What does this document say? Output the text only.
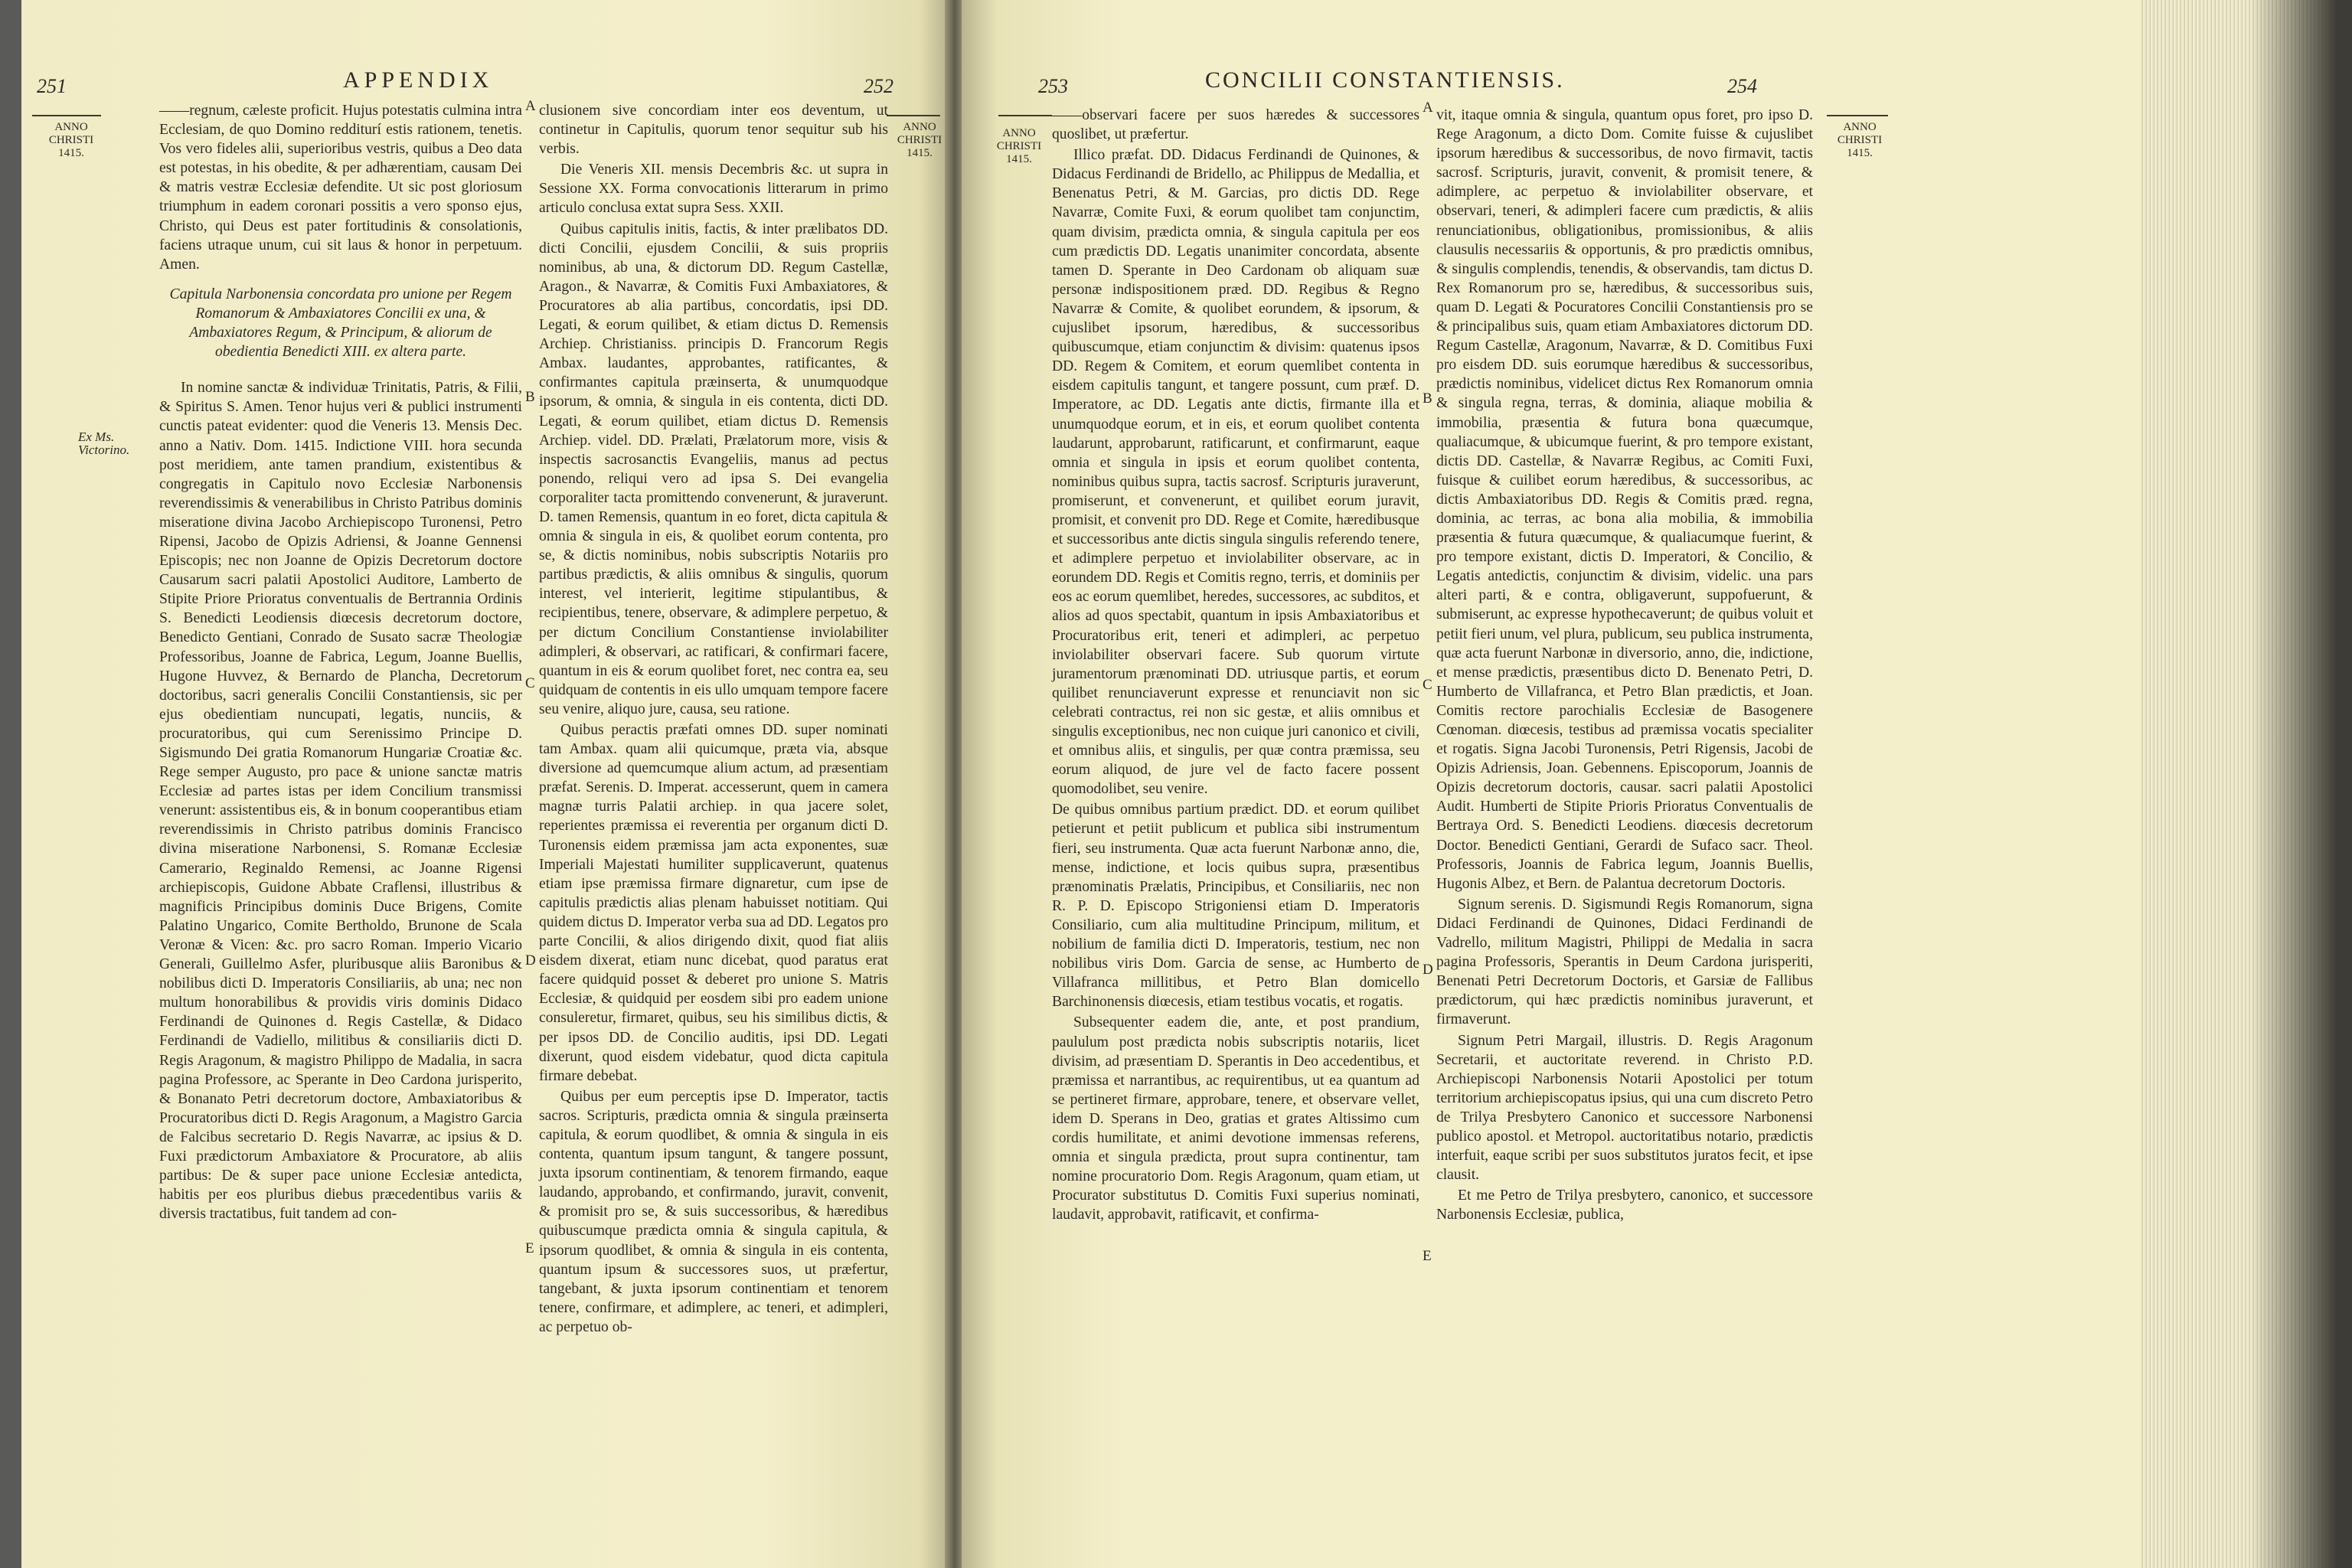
251	APPENDIX	252
ANNO CHRISTI 1415.
ANNO CHRISTI 1415.
Ex Ms. Victorino.

——regnum, cæleste proficit. Hujus potestatis culmina intra Ecclesiam, de quo Domino redditurí estis rationem, tenetis. Vos vero fideles alii, superioribus vestris, quibus a Deo data est potestas, in his obedite, & per adhærentiam, causam Dei & matris vestræ Ecclesiæ defendite. Ut sic post gloriosum triumphum in eadem coronari possitis a vero sponso ejus, Christo, qui Deus est pater fortitudinis & consolationis, faciens utraque unum, cui sit laus & honor in perpetuum. Amen.

Capitula Narbonensia concordata pro unione per Regem Romanorum & Ambaxiatores Concilii ex una, & Ambaxiatores Regum, & Principum, & aliorum de obedientia Benedicti XIII. ex altera parte.

In nomine sanctæ & individuæ Trinitatis, Patris, & Filii, & Spiritus S. Amen. Tenor hujus veri & publici instrumenti cunctis pateat evidenter: quod die Veneris 13. Mensis Dec. anno a Nativ. Dom. 1415. Indictione VIII. hora secunda post meridiem, ante tamen prandium, existentibus & congregatis in Capitulo novo Ecclesiæ Narbonensis reverendissimis & venerabilibus in Christo Patribus dominis miseratione divina Jacobo Archiepiscopo Turonensi, Petro Ripensi, Jacobo de Opizis Adriensi, & Joanne Gennensi Episcopis; nec non Joanne de Opizis Decretorum doctore Causarum sacri palatii Apostolici Auditore, Lamberto de Stipite Priore Prioratus conventualis de Bertrannia Ordinis S. Benedicti Leodiensis diœcesis decretorum doctore, Benedicto Gentiani, Conrado de Susato sacræ Theologiæ Professoribus, Joanne de Fabrica, Legum, Joanne Buellis, Hugone Huvvez, & Bernardo de Plancha, Decretorum doctoribus, sacri generalis Concilii Constantiensis, sic per ejus obedientiam nuncupati, legatis, nunciis, & procuratoribus, qui cum Serenissimo Principe D. Sigismundo Dei gratia Romanorum Hungariæ Croatiæ &c. Rege semper Augusto, pro pace & unione sanctæ matris Ecclesiæ ad partes istas per idem Concilium transmissi venerunt: assistentibus eis, & in bonum cooperantibus etiam reverendissimis in Christo patribus dominis Francisco divina miseratione Narbonensi, S. Romanæ Ecclesiæ Camerario, Reginaldo Remensi, ac Joanne Rigensi archiepiscopis, Guidone Abbate Craflensi, illustribus & magnificis Principibus dominis Duce Brigens, Comite Palatino Ungarico, Comite Bertholdo, Brunone de Scala Veronæ & Vicen: &c. pro sacro Roman. Imperio Vicario Generali, Guillelmo Asfer, pluribusque aliis Baronibus & nobilibus dicti D. Imperatoris Consiliariis, ab una; nec non multum honorabilibus & providis viris dominis Didaco Ferdinandi de Quinones d. Regis Castellæ, & Didaco Ferdinandi de Vadiello, militibus & consiliariis dicti D. Regis Aragonum, & magistro Philippo de Madalia, in sacra pagina Professore, ac Sperante in Deo Cardona jurisperito, & Bonanato Petri decretorum doctore, Ambaxiatoribus & Procuratoribus dicti D. Regis Aragonum, a Magistro Garcia de Falcibus secretario D. Regis Navarræ, ac ipsius & D. Fuxi prædictorum Ambaxiatore & Procuratore, ab aliis partibus: De & super pace unione Ecclesiæ antedicta, habitis per eos pluribus diebus præcedentibus variis & diversis tractatibus, fuit tandem ad con-

A
B
C
D
E

clusionem sive concordiam inter eos deventum, ut continetur in Capitulis, quorum tenor sequitur sub his verbis.

Die Veneris XII. mensis Decembris &c. ut supra in Sessione XX. Forma convocationis litterarum in primo articulo conclusa extat supra Sess. XXII.

Quibus capitulis initis, factis, & inter prælibatos DD. dicti Concilii, ejusdem Concilii, & suis propriis nominibus, ab una, & dictorum DD. Regum Castellæ, Aragon., & Navarræ, & Comitis Fuxi Ambaxiatores, & Procuratores ab alia partibus, concordatis, ipsi DD. Legati, & eorum quilibet, & etiam dictus D. Remensis Archiep. Christianiss. principis D. Francorum Regis Ambax. laudantes, approbantes, ratificantes, & confirmantes capitula præinserta, & unumquodque ipsorum, & omnia, & singula in eis contenta, dicti DD. Legati, & eorum quilibet, etiam dictus D. Remensis Archiep. videl. DD. Prælati, Prælatorum more, visis & inspectis sacrosanctis Evangeliis, manus ad pectus ponendo, reliqui vero ad ipsa S. Dei evangelia corporaliter tacta promittendo convenerunt, & juraverunt. D. tamen Remensis, quantum in eo foret, dicta capitula & omnia & singula in eis, & quolibet eorum contenta, pro se, & dictis nominibus, nobis subscriptis Notariis pro partibus prædictis, & aliis omnibus & singulis, quorum interest, vel interierit, legitime stipulantibus, & recipientibus, tenere, observare, & adimplere perpetuo, & per dictum Concilium Constantiense inviolabiliter adimpleri, & observari, ac ratificari, & confirmari facere, quantum in eis & eorum quolibet foret, nec contra ea, seu quidquam de contentis in eis ullo umquam tempore facere seu venire, aliquo jure, causa, seu ratione.

Quibus peractis præfati omnes DD. super nominati tam Ambax. quam alii quicumque, præta via, absque diversione ad quemcumque alium actum, ad præsentiam præfat. Serenis. D. Imperat. accesserunt, quem in camera magnæ turris Palatii archiep. in qua jacere solet, reperientes præmissa ei reverentia per organum dicti D. Turonensis eidem præmissa jam acta exponentes, suæ Imperiali Majestati humiliter supplicaverunt, quatenus etiam ipse præmissa firmare dignaretur, cum ipse de capitulis prædictis alias plenam habuisset notitiam. Qui quidem dictus D. Imperator verba sua ad DD. Legatos pro parte Concilii, & alios dirigendo dixit, quod fiat aliis eisdem dixerat, etiam nunc dicebat, quod paratus erat facere quidquid posset & deberet pro unione S. Matris Ecclesiæ, & quidquid per eosdem sibi pro eadem unione consuleretur, firmaret, quibus, seu his similibus dictis, & per ipsos DD. de Concilio auditis, ipsi DD. Legati dixerunt, quod eisdem videbatur, quod dicta capitula firmare debebat.

Quibus per eum perceptis ipse D. Imperator, tactis sacros. Scripturis, prædicta omnia & singula præinserta capitula, & eorum quodlibet, & omnia & singula in eis contenta, quantum ipsum tangunt, & tangere possunt, juxta ipsorum continentiam, & tenorem firmando, eaque laudando, approbando, et confirmando, juravit, convenit, & promisit pro se, & suis successoribus, & hæredibus quibuscumque prædicta omnia & singula capitula, & ipsorum quodlibet, & omnia & singula in eis contenta, quantum ipsum & successores suos, ut præfertur, tangebant, & juxta ipsorum continentiam et tenorem tenere, confirmare, et adimplere, ac teneri, et adimpleri, ac perpetuo ob-

253	CONCILII CONSTANTIENSIS.	254
ANNO CHRISTI 1415.
ANNO CHRISTI 1415.

——observari facere per suos hæredes & successores quoslibet, ut præfertur.

Illico præfat. DD. Didacus Ferdinandi de Quinones, & Didacus Ferdinandi de Bridello, ac Philippus de Medallia, et Benenatus Petri, & M. Garcias, pro dictis DD. Rege Navarræ, Comite Fuxi, & eorum quolibet tam conjunctim, quam divisim, prædicta omnia, & singula capitula per eos cum prædictis DD. Legatis unanimiter concordata, absente tamen D. Sperante in Deo Cardonam ob aliquam suæ personæ indispositionem præd. DD. Regibus & Regno Navarræ & Comite, & quolibet eorundem, & ipsorum, & cujuslibet ipsorum, hæredibus, & successoribus quibuscumque, etiam conjunctim & divisim: quatenus ipsos DD. Regem & Comitem, et eorum quemlibet contenta in eisdem capitulis tangunt, et tangere possunt, cum præf. D. Imperatore, ac DD. Legatis ante dictis, firmante illa et unumquodque eorum, et in eis, et eorum quolibet contenta laudarunt, approbarunt, ratificarunt, et confirmarunt, eaque omnia et singula in ipsis et eorum quolibet contenta, nominibus quibus supra, tactis sacrosf. Scripturis juraverunt, promiserunt, et convenerunt, et quilibet eorum juravit, promisit, et convenit pro DD. Rege et Comite, hæredibusque et successoribus ante dictis singula singulis referendo tenere, et adimplere perpetuo et inviolabiliter observare, ac in eorundem DD. Regis et Comitis regno, terris, et dominiis per eos ac eorum quemlibet, heredes, successores, ac subditos, et alios ad quos spectabit, quantum in ipsis Ambaxiatoribus et Procuratoribus erit, teneri et adimpleri, ac perpetuo inviolabiliter observari facere. Sub quorum virtute juramentorum prænominati DD. utriusque partis, et eorum quilibet renunciaverunt expresse et renunciavit non sic celebrati contractus, rei non sic gestæ, et aliis omnibus et singulis exceptionibus, nec non cuique juri canonico et civili, et omnibus aliis, et singulis, per quæ contra præmissa, seu eorum aliquod, de jure vel de facto facere possent quomodolibet, seu venire.

De quibus omnibus partium prædict. DD. et eorum quilibet petierunt et petiit publicum et publica sibi instrumentum fieri, seu instrumenta. Quæ acta fuerunt Narbonæ anno, die, mense, indictione, et locis quibus supra, præsentibus prænominatis Prælatis, Principibus, et Consiliariis, nec non R. P. D. Episcopo Strigoniensi etiam D. Imperatoris Consiliario, cum alia multitudine Principum, militum, et nobilium de familia dicti D. Imperatoris, testium, nec non nobilibus viris Dom. Garcia de sense, ac Humberto de Villafranca millitibus, et Petro Blan domicello Barchinonensis diœcesis, etiam testibus vocatis, et rogatis.

Subsequenter eadem die, ante, et post prandium, paululum post prædicta nobis subscriptis notariis, licet divisim, ad præsentiam D. Sperantis in Deo accedentibus, et præmissa et narrantibus, ac requirentibus, ut ea quantum ad se pertineret firmare, approbare, tenere, et observare vellet, idem D. Sperans in Deo, gratias et grates Altissimo cum cordis humilitate, et animi devotione immensas referens, omnia et singula prædicta, prout supra continentur, tam nomine procuratorio Dom. Regis Aragonum, quam etiam, ut Procurator substitutus D. Comitis Fuxi superius nominati, laudavit, approbavit, ratificavit, et confirma-

A
B
C
D
E

vit, itaque omnia & singula, quantum opus foret, pro ipso D. Rege Aragonum, a dicto Dom. Comite fuisse & cujuslibet ipsorum hæredibus & successoribus, de novo firmavit, tactis sacrosf. Scripturis, juravit, convenit, & promisit tenere, & adimplere, ac perpetuo & inviolabiliter observare, et observari, teneri, & adimpleri facere cum prædictis, & aliis renunciationibus, obligationibus, promissionibus, & aliis clausulis necessariis & opportunis, & pro prædictis omnibus, & singulis complendis, tenendis, & observandis, tam dictus D. Rex Romanorum pro se, hæredibus, & successoribus suis, quam D. Legati & Pocuratores Concilii Constantiensis pro se & principalibus suis, quam etiam Ambaxiatores dictorum DD. Regum Castellæ, Aragonum, Navarræ, & D. Comitibus Fuxi pro eisdem DD. suis eorumque hæredibus & successoribus, prædictis nominibus, videlicet dictus Rex Romanorum omnia & singula regna, terras, & dominia, aliaque mobilia & immobilia, præsentia & futura bona quæcumque, qualiacumque, & ubicumque fuerint, & pro tempore existant, dictis DD. Castellæ, & Navarræ Regibus, ac Comiti Fuxi, fuisque & cuilibet eorum hæredibus, & successoribus, ac dictis Ambaxiatoribus DD. Regis & Comitis præd. regna, dominia, ac terras, ac bona alia mobilia, & immobilia præsentia & futura quæcumque, & qualiacumque fuerint, & pro tempore existant, dictis D. Imperatori, & Concilio, & Legatis antedictis, conjunctim & divisim, videlic. una pars alteri parti, & e contra, obligaverunt, suppofuerunt, & submiserunt, ac expresse hypothecaverunt; de quibus voluit et petiit fieri unum, vel plura, publicum, seu publica instrumenta, quæ acta fuerunt Narbonæ in diversorio, anno, die, indictione, et mense prædictis, præsentibus dicto D. Benenato Petri, D. Humberto de Villafranca, et Petro Blan prædictis, et Joan. Comitis rectore parochialis Ecclesiæ de Basogenere Cœnoman. diœcesis, testibus ad præmissa vocatis specialiter et rogatis. Signa Jacobi Turonensis, Petri Rigensis, Jacobi de Opizis Adriensis, Joan. Gebennens. Episcoporum, Joannis de Opizis decretorum doctoris, causar. sacri palatii Apostolici Audit. Humberti de Stipite Prioris Prioratus Conventualis de Bertraya Ord. S. Benedicti Leodiens. diœcesis decretorum Doctor. Benedicti Gentiani, Gerardi de Sufaco sacr. Theol. Professoris, Joannis de Fabrica legum, Joannis Buellis, Hugonis Albez, et Bern. de Palantua decretorum Doctoris.

Signum serenis. D. Sigismundi Regis Romanorum, signa Didaci Ferdinandi de Quinones, Didaci Ferdinandi de Vadrello, militum Magistri, Philippi de Medalia in sacra pagina Professoris, Sperantis in Deum Cardona jurisperiti, Benenati Petri Decretorum Doctoris, et Garsiæ de Fallibus prædictorum, qui hæc prædictis nominibus juraverunt, et firmaverunt.

Signum Petri Margail, illustris. D. Regis Aragonum Secretarii, et auctoritate reverend. in Christo P.D. Archiepiscopi Narbonensis Notarii Apostolici per totum territorium archiepiscopatus ipsius, qui una cum discreto Petro de Trilya Presbytero Canonico et successore Narbonensi publico apostol. et Metropol. auctoritatibus notario, prædictis interfuit, eaque scribi per suos substitutos juratos fecit, et ipse clausit.

Et me Petro de Trilya presbytero, canonico, et successore Narbonensis Ecclesiæ, publica,
